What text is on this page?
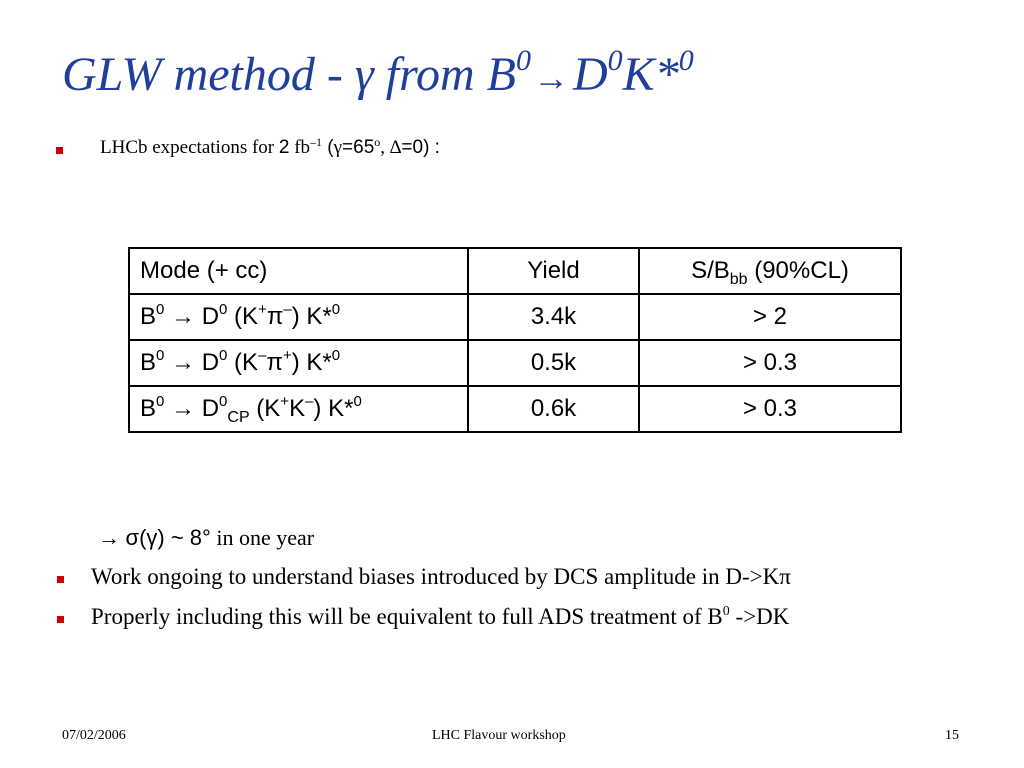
GLW method - γ from $B^0\to D^0K*^0$
LHCb expectations for 2 $fb^{-1}$ ($\gamma=65^o$, ∆=0) :
Mode (+ cc)	Yield	$S/B_{bb}$ (90%CL)
$B^0 \to D^0$ (K+π–) K*$^0$	3.4k	> 2
$B^0 \to D^0$ (K–π+) K*$^0$	0.5k	> 0.3
$B^0 \to D^0_{CP}$ (K+K–) K*$^0$	0.6k	> 0.3
→ σ(γ) ~ 8° in one year
Work ongoing to understand biases introduced by DCS amplitude in D->Kπ
Properly including this will be equivalent to full ADS treatment of $B^0$ ->DK
07/02/2006	LHC Flavour workshop	15
